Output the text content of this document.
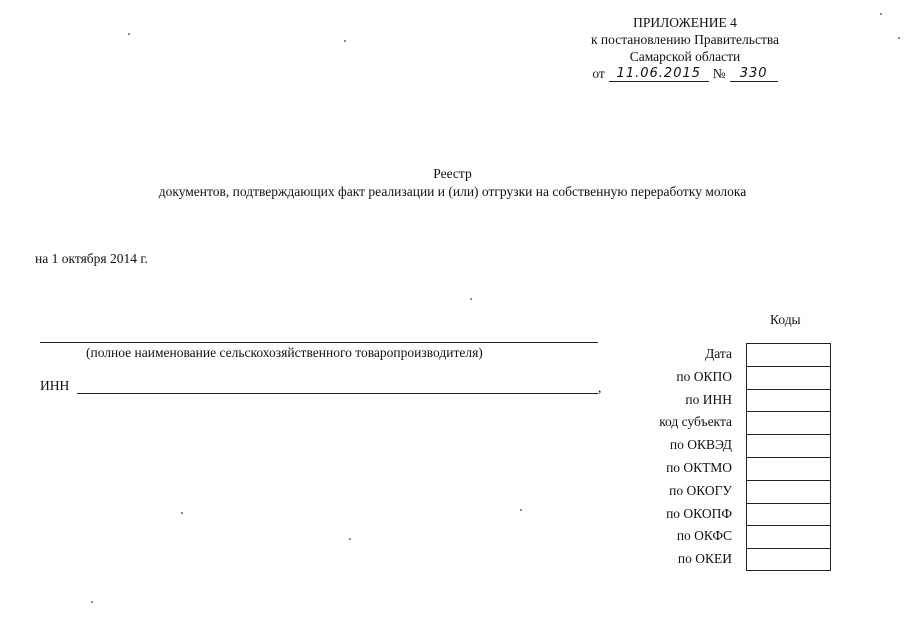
ПРИЛОЖЕНИЕ 4
к постановлению Правительства
Самарской области
от 11.06.2015 №	330
Реестр
документов, подтверждающих факт реализации и (или) отгрузки на собственную переработку молока
на 1 октября 2014 г.
Коды
(полное наименование сельскохозяйственного товаропроизводителя)
ИНН	,
Дата
по ОКПО
по ИНН
код субъекта
по ОКВЭД
по ОКТМО
по ОКОГУ
по ОКОПФ
по ОКФС
по ОКЕИ
